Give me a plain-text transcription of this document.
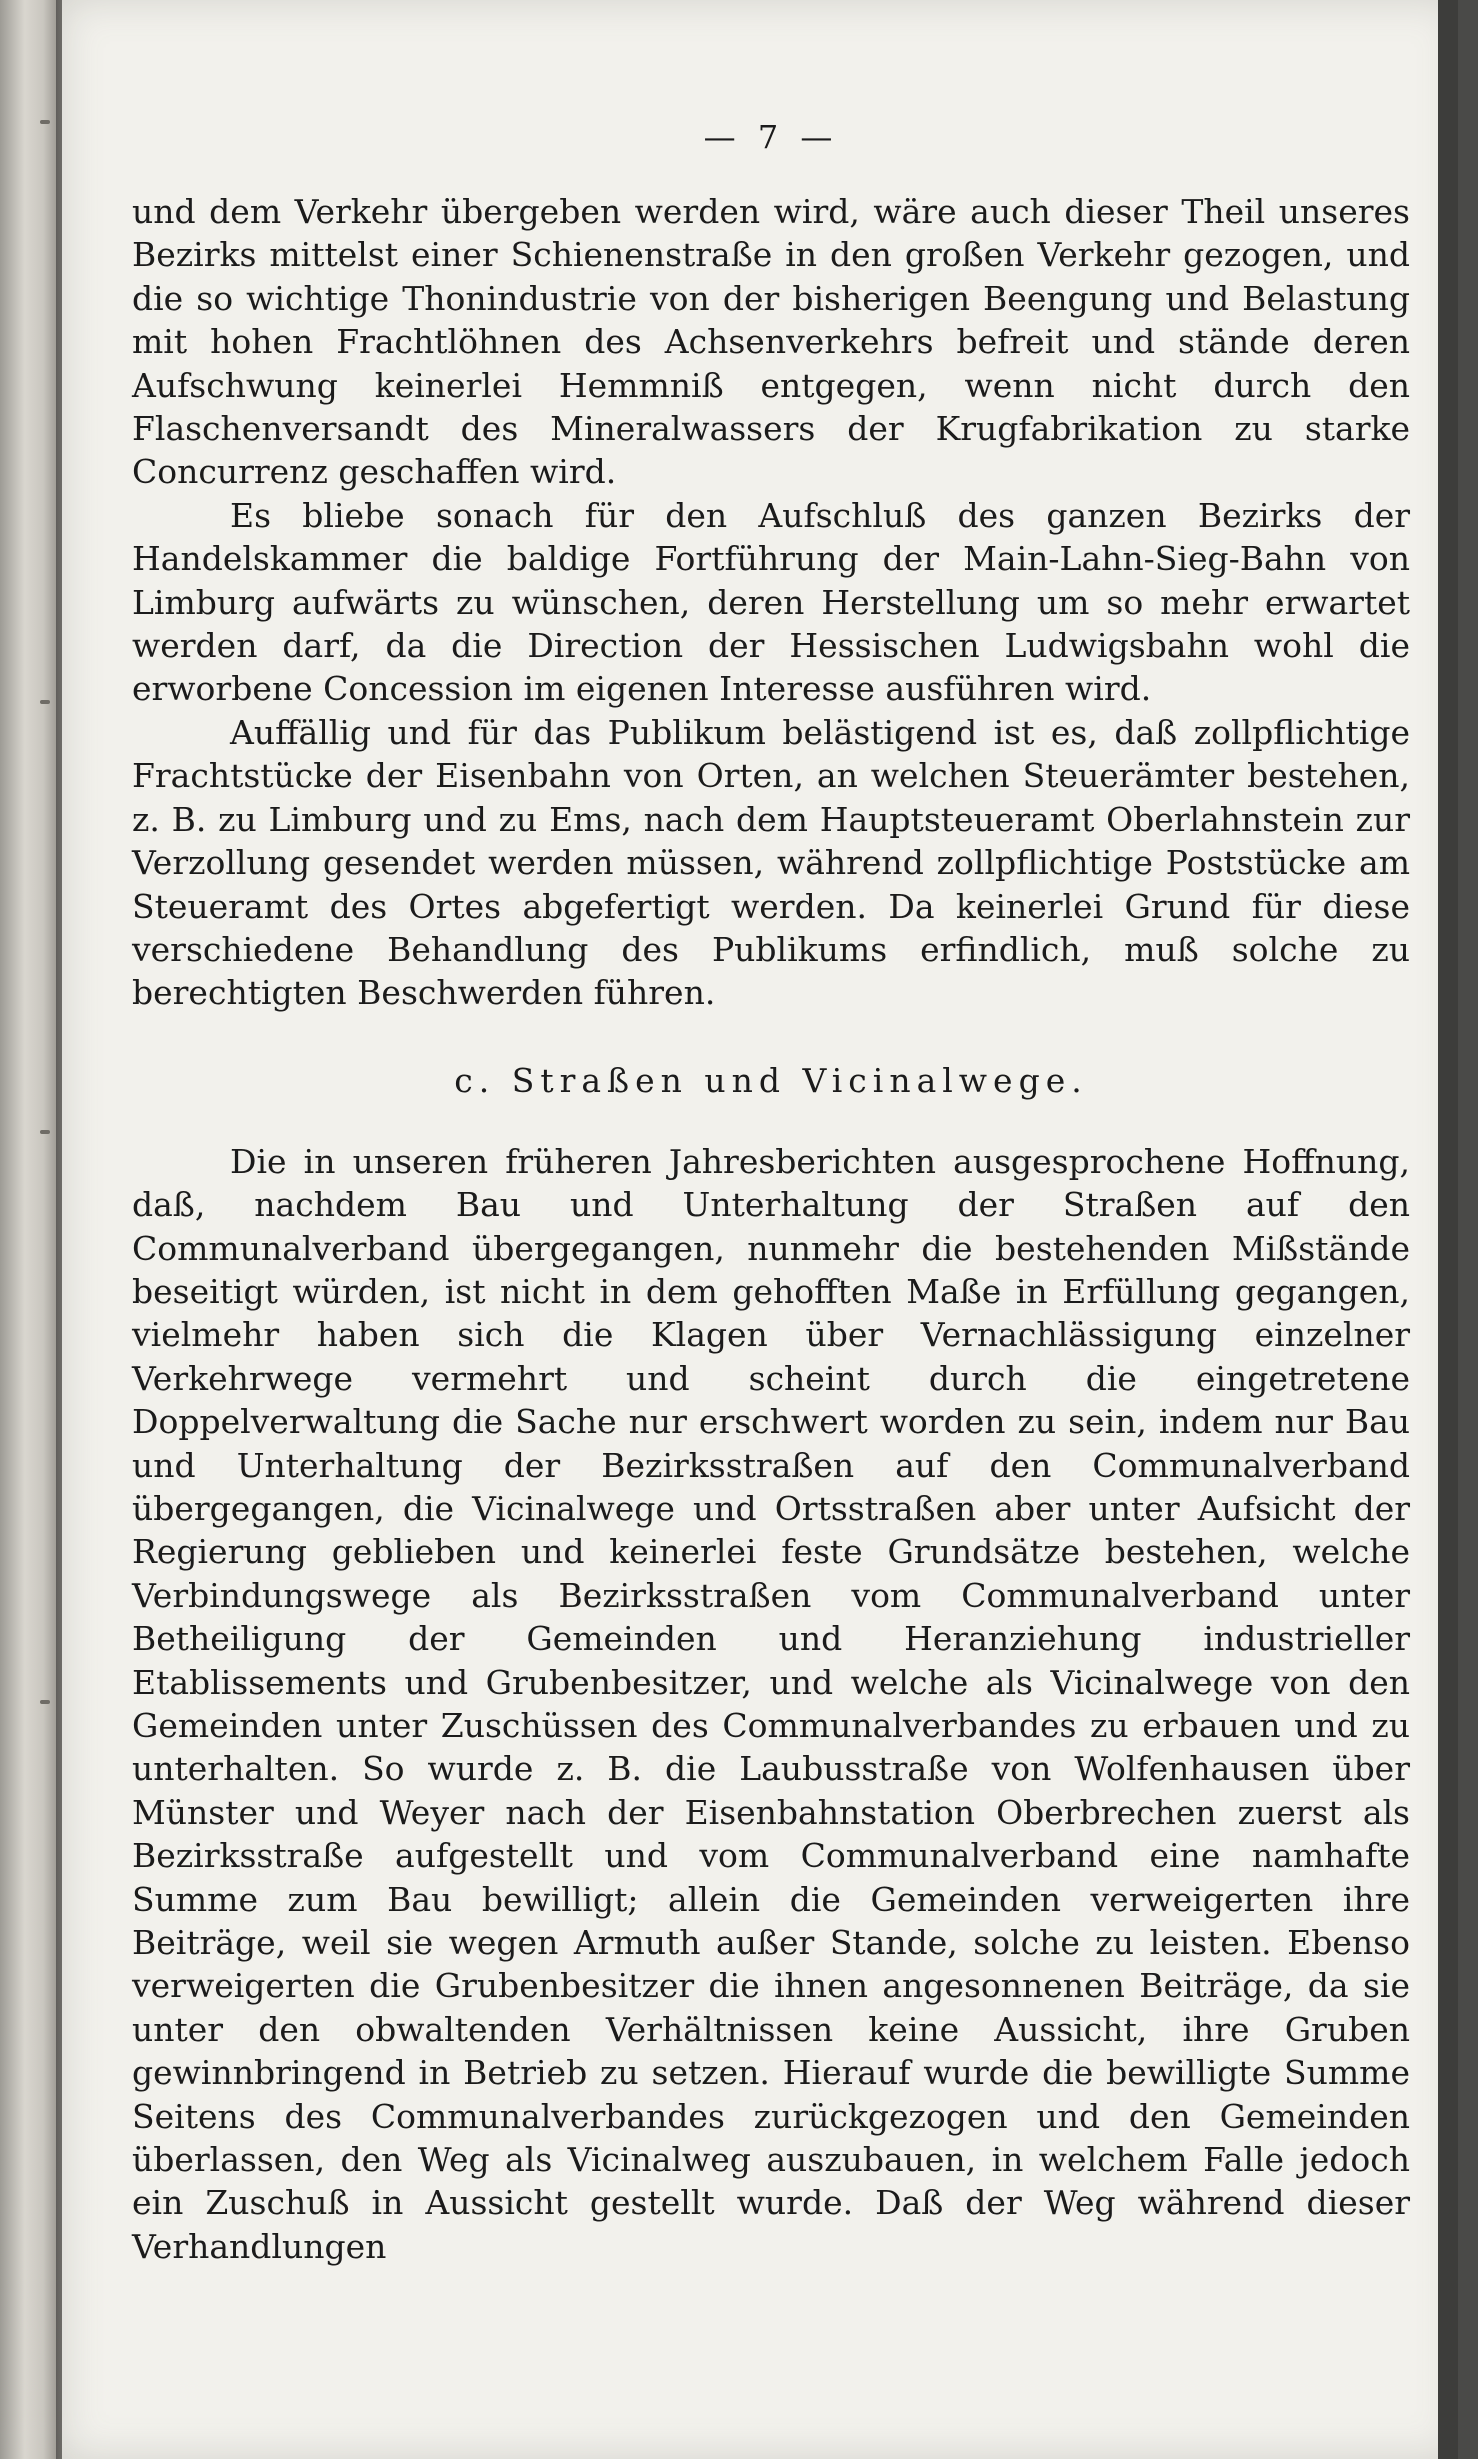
— 7 —

und dem Verkehr übergeben werden wird, wäre auch dieser Theil unseres Bezirks mittelst einer Schienenstraße in den großen Verkehr gezogen, und die so wichtige Thonindustrie von der bisherigen Beengung und Belastung mit hohen Frachtlöhnen des Achsenverkehrs befreit und stände deren Aufschwung keinerlei Hemmniß entgegen, wenn nicht durch den Flaschenversandt des Mineralwassers der Krugfabrikation zu starke Concurrenz geschaffen wird.

Es bliebe sonach für den Aufschluß des ganzen Bezirks der Handelskammer die baldige Fortführung der Main-Lahn-Sieg-Bahn von Limburg aufwärts zu wünschen, deren Herstellung um so mehr erwartet werden darf, da die Direction der Hessischen Ludwigsbahn wohl die erworbene Concession im eigenen Interesse ausführen wird.

Auffällig und für das Publikum belästigend ist es, daß zollpflichtige Frachtstücke der Eisenbahn von Orten, an welchen Steuerämter bestehen, z. B. zu Limburg und zu Ems, nach dem Hauptsteueramt Oberlahnstein zur Verzollung gesendet werden müssen, während zollpflichtige Poststücke am Steueramt des Ortes abgefertigt werden. Da keinerlei Grund für diese verschiedene Behandlung des Publikums erfindlich, muß solche zu berechtigten Beschwerden führen.

c. Straßen und Vicinalwege.

Die in unseren früheren Jahresberichten ausgesprochene Hoffnung, daß, nachdem Bau und Unterhaltung der Straßen auf den Communalverband übergegangen, nunmehr die bestehenden Mißstände beseitigt würden, ist nicht in dem gehofften Maße in Erfüllung gegangen, vielmehr haben sich die Klagen über Vernachlässigung einzelner Verkehrwege vermehrt und scheint durch die eingetretene Doppelverwaltung die Sache nur erschwert worden zu sein, indem nur Bau und Unterhaltung der Bezirksstraßen auf den Communalverband übergegangen, die Vicinalwege und Ortsstraßen aber unter Aufsicht der Regierung geblieben und keinerlei feste Grundsätze bestehen, welche Verbindungswege als Bezirksstraßen vom Communalverband unter Betheiligung der Gemeinden und Heranziehung industrieller Etablissements und Grubenbesitzer, und welche als Vicinalwege von den Gemeinden unter Zuschüssen des Communalverbandes zu erbauen und zu unterhalten. So wurde z. B. die Laubusstraße von Wolfenhausen über Münster und Weyer nach der Eisenbahnstation Oberbrechen zuerst als Bezirksstraße aufgestellt und vom Communalverband eine namhafte Summe zum Bau bewilligt; allein die Gemeinden verweigerten ihre Beiträge, weil sie wegen Armuth außer Stande, solche zu leisten. Ebenso verweigerten die Grubenbesitzer die ihnen angesonnenen Beiträge, da sie unter den obwaltenden Verhältnissen keine Aussicht, ihre Gruben gewinnbringend in Betrieb zu setzen. Hierauf wurde die bewilligte Summe Seitens des Communalverbandes zurückgezogen und den Gemeinden überlassen, den Weg als Vicinalweg auszubauen, in welchem Falle jedoch ein Zuschuß in Aussicht gestellt wurde. Daß der Weg während dieser Verhandlungen
